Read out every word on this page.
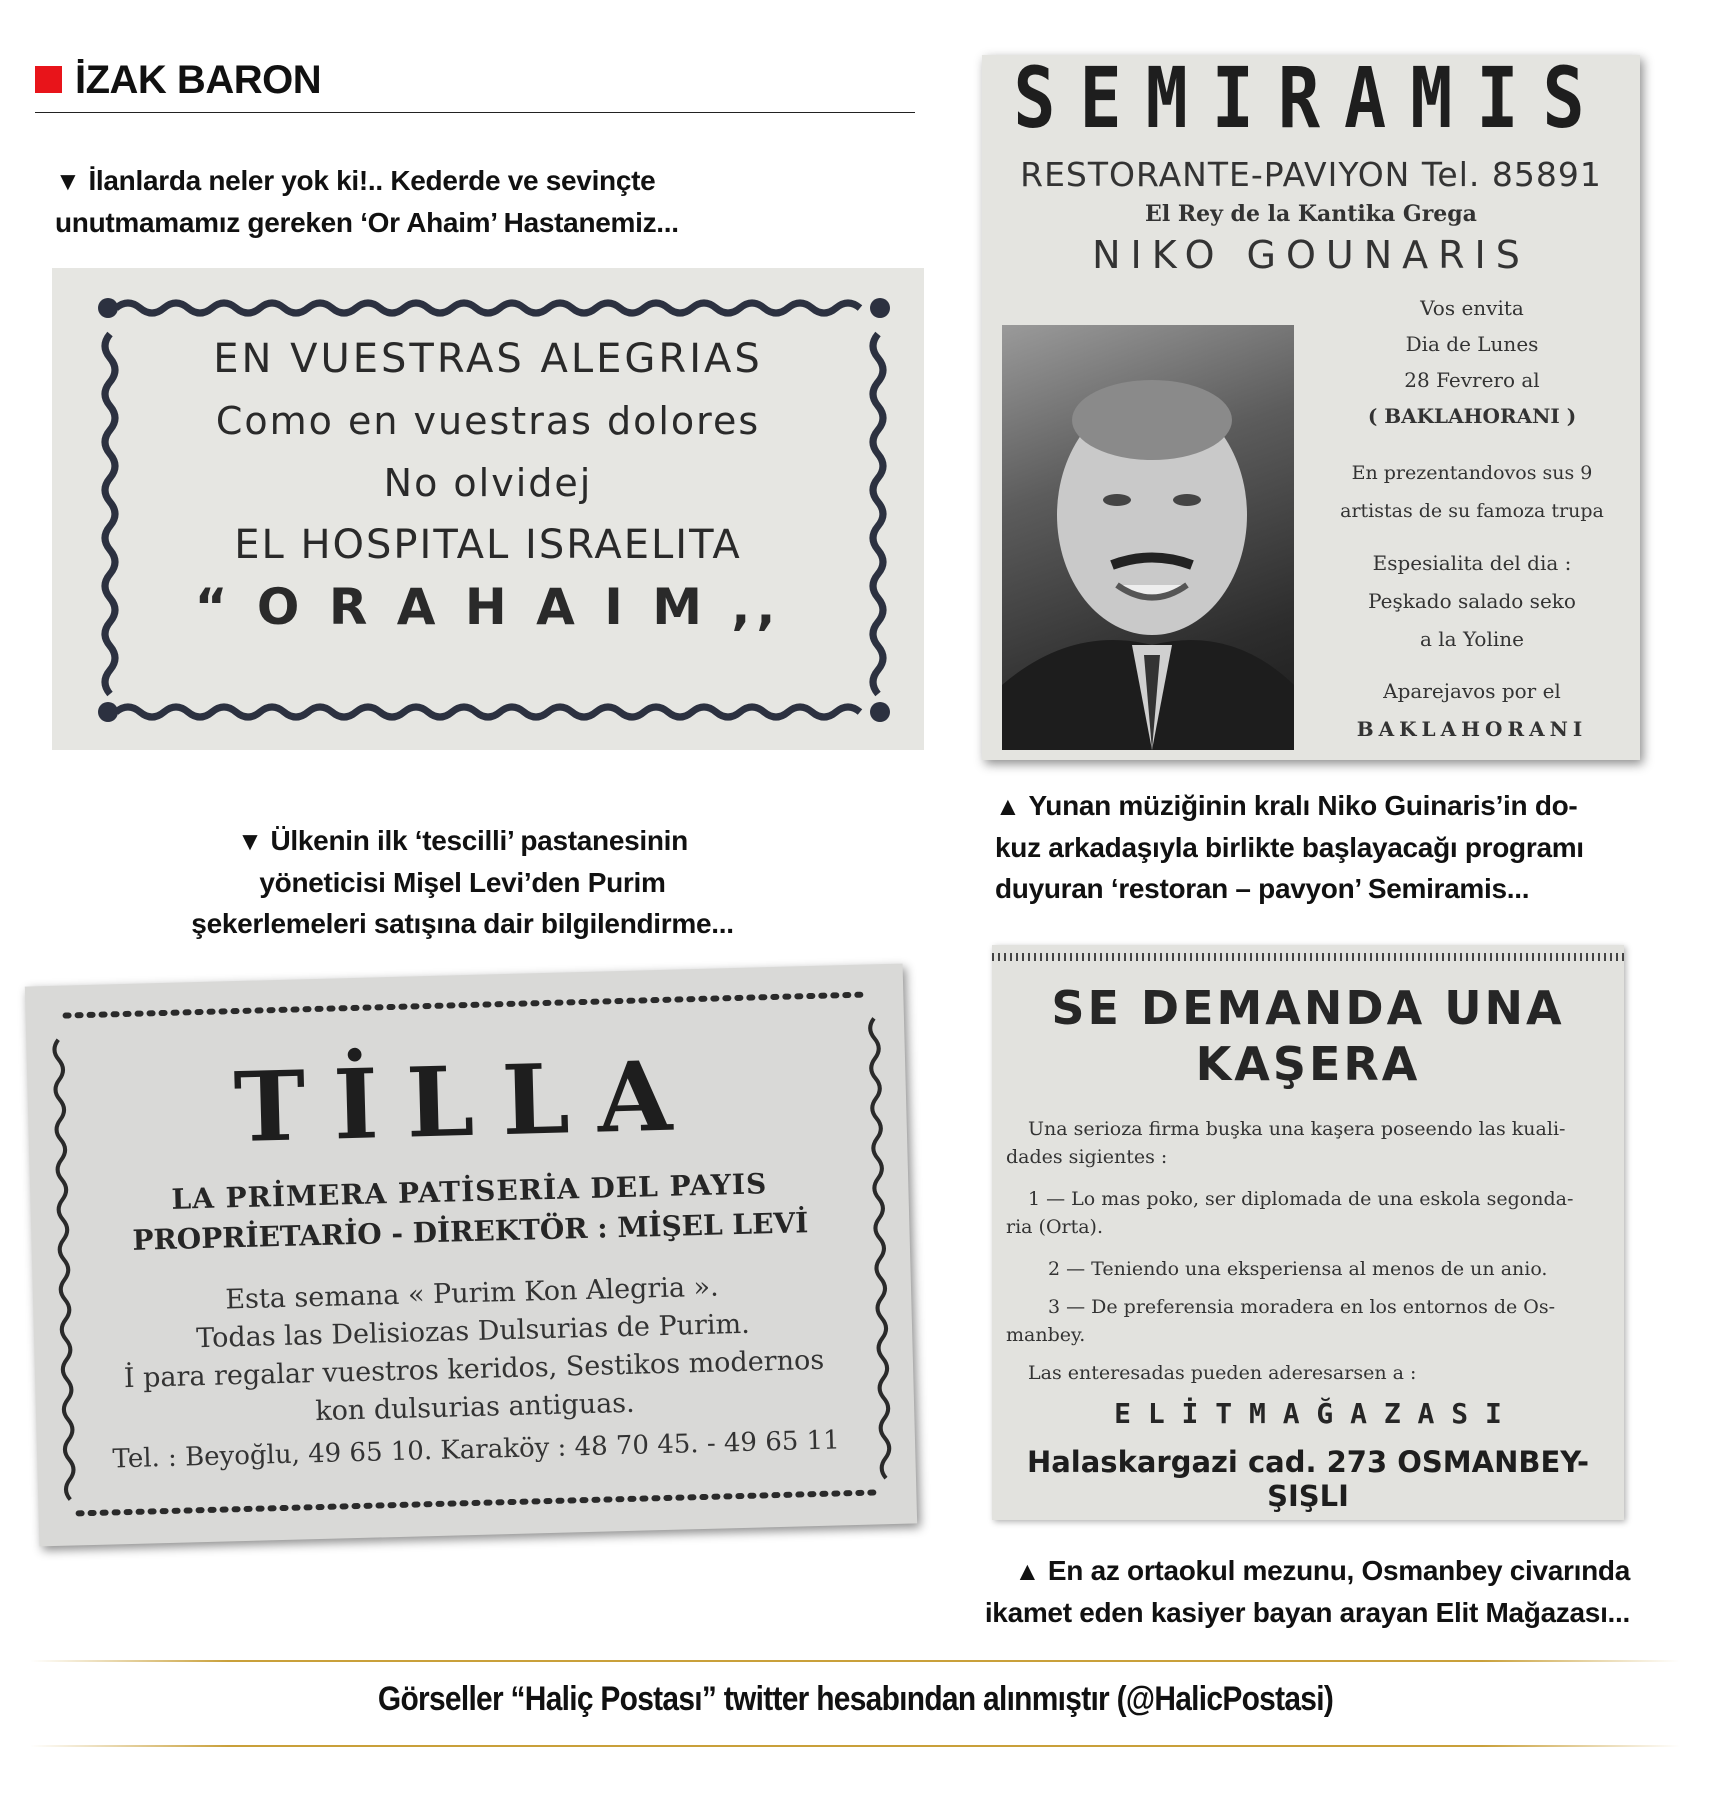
İZAK BARON
▼ İlanlarda neler yok ki!.. Kederde ve sevinçte
unutmamamız gereken ‘Or Ahaim’ Hastanemiz...
EN VUESTRAS ALEGRIAS
Como en vuestras dolores
No olvidej
EL HOSPITAL ISRAELITA
“ O R A H A I M ,,
SEMIRAMIS
RESTORANTE-PAVIYON Tel. 85891
El Rey de la Kantika Grega
NIKO GOUNARIS
Vos envita
Dia de Lunes
28 Fevrero al
( BAKLAHORANI )
En prezentandovos sus 9
artistas de su famoza trupa
Espesialita del dia :
Peşkado salado seko
a la Yoline
Aparejavos por el
BAKLAHORANI
▲ Yunan müziğinin kralı Niko Guinaris’in do-
kuz arkadaşıyla birlikte başlayacağı programı
duyuran ‘restoran – pavyon’ Semiramis...
▼ Ülkenin ilk ‘tescilli’ pastanesinin
yöneticisi Mişel Levi’den Purim
şekerlemeleri satışına dair bilgilendirme...
TİLLA
LA PRİMERA PATİSERİA DEL PAYIS
PROPRİETARİO - DİREKTÖR : MİŞEL LEVİ
Esta semana « Purim Kon Alegria ».
Todas las Delisiozas Dulsurias de Purim.
İ para regalar vuestros keridos, Sestikos modernos
kon dulsurias antiguas.
Tel. : Beyoğlu, 49 65 10. Karaköy : 48 70 45. - 49 65 11
SE DEMANDA UNA
KAŞERA
Una serioza firma buşka una kaşera poseendo las kuali-
dades sigientes :
1 — Lo mas poko, ser diplomada de una eskola segonda-
ria (Orta).
2 — Teniendo una eksperiensa al menos de un anio.
3 — De preferensia moradera en los entornos de Os-
manbey.
Las enteresadas pueden aderesarsen a :
E L İ T M A Ğ A Z A S I
Halaskargazi cad. 273 OSMANBEY-ŞIŞLI
▲ En az ortaokul mezunu, Osmanbey civarında
ikamet eden kasiyer bayan arayan Elit Mağazası...
Görseller “Haliç Postası” twitter hesabından alınmıştır (@HalicPostasi)
